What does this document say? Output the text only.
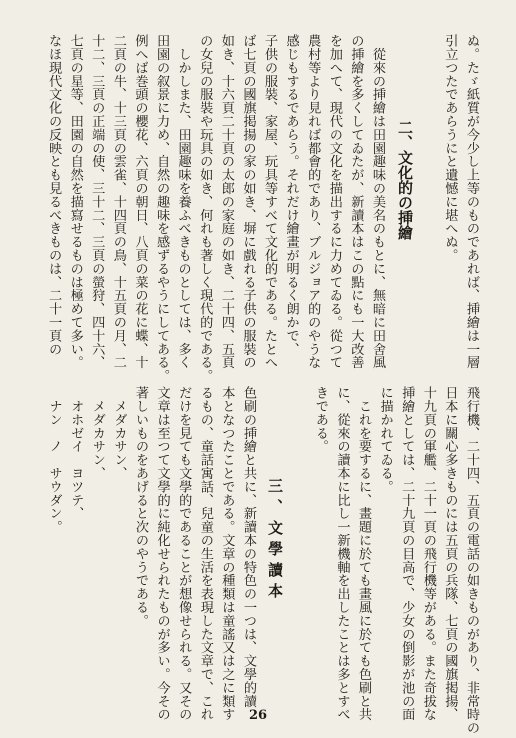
ぬ。たゞ紙質が今少し上等のものであれば、挿繪は一層
引立つたであらうにと遺憾に堪へぬ。
二、文化的の挿繪
　從來の挿繪は田園趣味の美名のもとに、無暗に田舍風
の挿繪を多くしてゐたが、新讀本はこの點にも一大改善
を加へて、現代の文化を描出するに力めてゐる。從つて
農村等より見れば都會的であり、ブルジョア的のやうな
感じもするであらう。それだけ繪畫が明るく朗かで、
子供の服裝、家屋、玩具等すべて文化的である。たとへ
ば七頁の國旗掲揚の家の如き、塀に戲れる子供の服裝の
如き、十六頁二十頁の太郎の家庭の如き、二十四、五頁
の女兒の服裝や玩具の如き、何れも著しく現代的である。
　しかしまた、田園趣味を養ふべきものとしては、多く
田園の叙景に力め、自然の趣味を感ずるやうにしてある。
例へば巻頭の櫻花、六頁の朝日、八頁の菜の花に蝶、十
二頁の牛、十三頁の雲雀、十四頁の鳥、十五頁の月、二
十二、三頁の正端の使、三十二、三頁の螢狩、四十六、
七頁の星等、田園の自然を描寫せるものは極めて多い。
なほ現代文化の反映とも見るべきものは、二十一頁の
飛行機、二十四、五頁の電話の如きものがあり、非常時の
日本に關心多きものには五頁の兵隊、七頁の國旗掲揚、
十九頁の軍艦、二十一頁の飛行機等がある。また奇拔な
挿繪としては、二十九頁の目高で、少女の倒影が池の面
に描かれてゐる。
　これを要するに、畫題に於ても畫風に於ても色刷と共
に、從來の讀本に比し一新機軸を出したことは多とすべ
きである。
三、文學讀本
色刷の挿繪と共に、新讀本の特色の一つは、文學的讀
本となつたことである。文章の種類は童謠又は之に類す
るもの、童話寓話、兒童の生活を表現した文章で、これ
だけを見ても文學的であることが想像せられる。又その
文章は至つて文學的に純化せられたものが多い。今その
著しいものをあげると次のやうである。
　メダカサン、
　メダカサン、
　オホゼイ　ヨツテ、
　ナン　ノ　サウダン。
26
